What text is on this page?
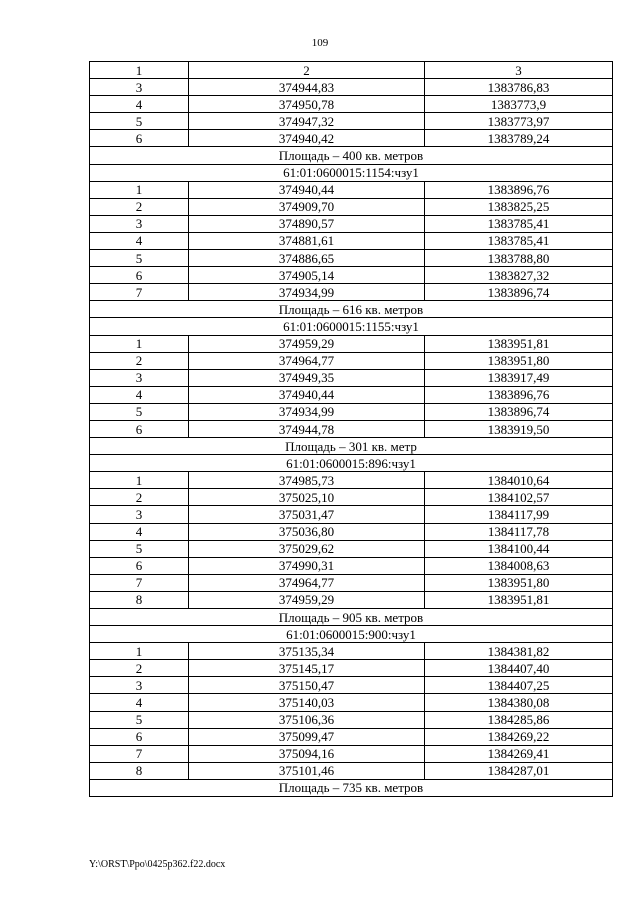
109
1	2	3
3	374944,83	1383786,83
4	374950,78	1383773,9
5	374947,32	1383773,97
6	374940,42	1383789,24
Площадь – 400 кв. метров		
61:01:0600015:1154:чзу1		
1	374940,44	1383896,76
2	374909,70	1383825,25
3	374890,57	1383785,41
4	374881,61	1383785,41
5	374886,65	1383788,80
6	374905,14	1383827,32
7	374934,99	1383896,74
Площадь – 616 кв. метров		
61:01:0600015:1155:чзу1		
1	374959,29	1383951,81
2	374964,77	1383951,80
3	374949,35	1383917,49
4	374940,44	1383896,76
5	374934,99	1383896,74
6	374944,78	1383919,50
Площадь – 301 кв. метр		
61:01:0600015:896:чзу1		
1	374985,73	1384010,64
2	375025,10	1384102,57
3	375031,47	1384117,99
4	375036,80	1384117,78
5	375029,62	1384100,44
6	374990,31	1384008,63
7	374964,77	1383951,80
8	374959,29	1383951,81
Площадь – 905 кв. метров		
61:01:0600015:900:чзу1		
1	375135,34	1384381,82
2	375145,17	1384407,40
3	375150,47	1384407,25
4	375140,03	1384380,08
5	375106,36	1384285,86
6	375099,47	1384269,22
7	375094,16	1384269,41
8	375101,46	1384287,01
Площадь – 735 кв. метров		
Y:\ORST\Ppo\0425p362.f22.docx
